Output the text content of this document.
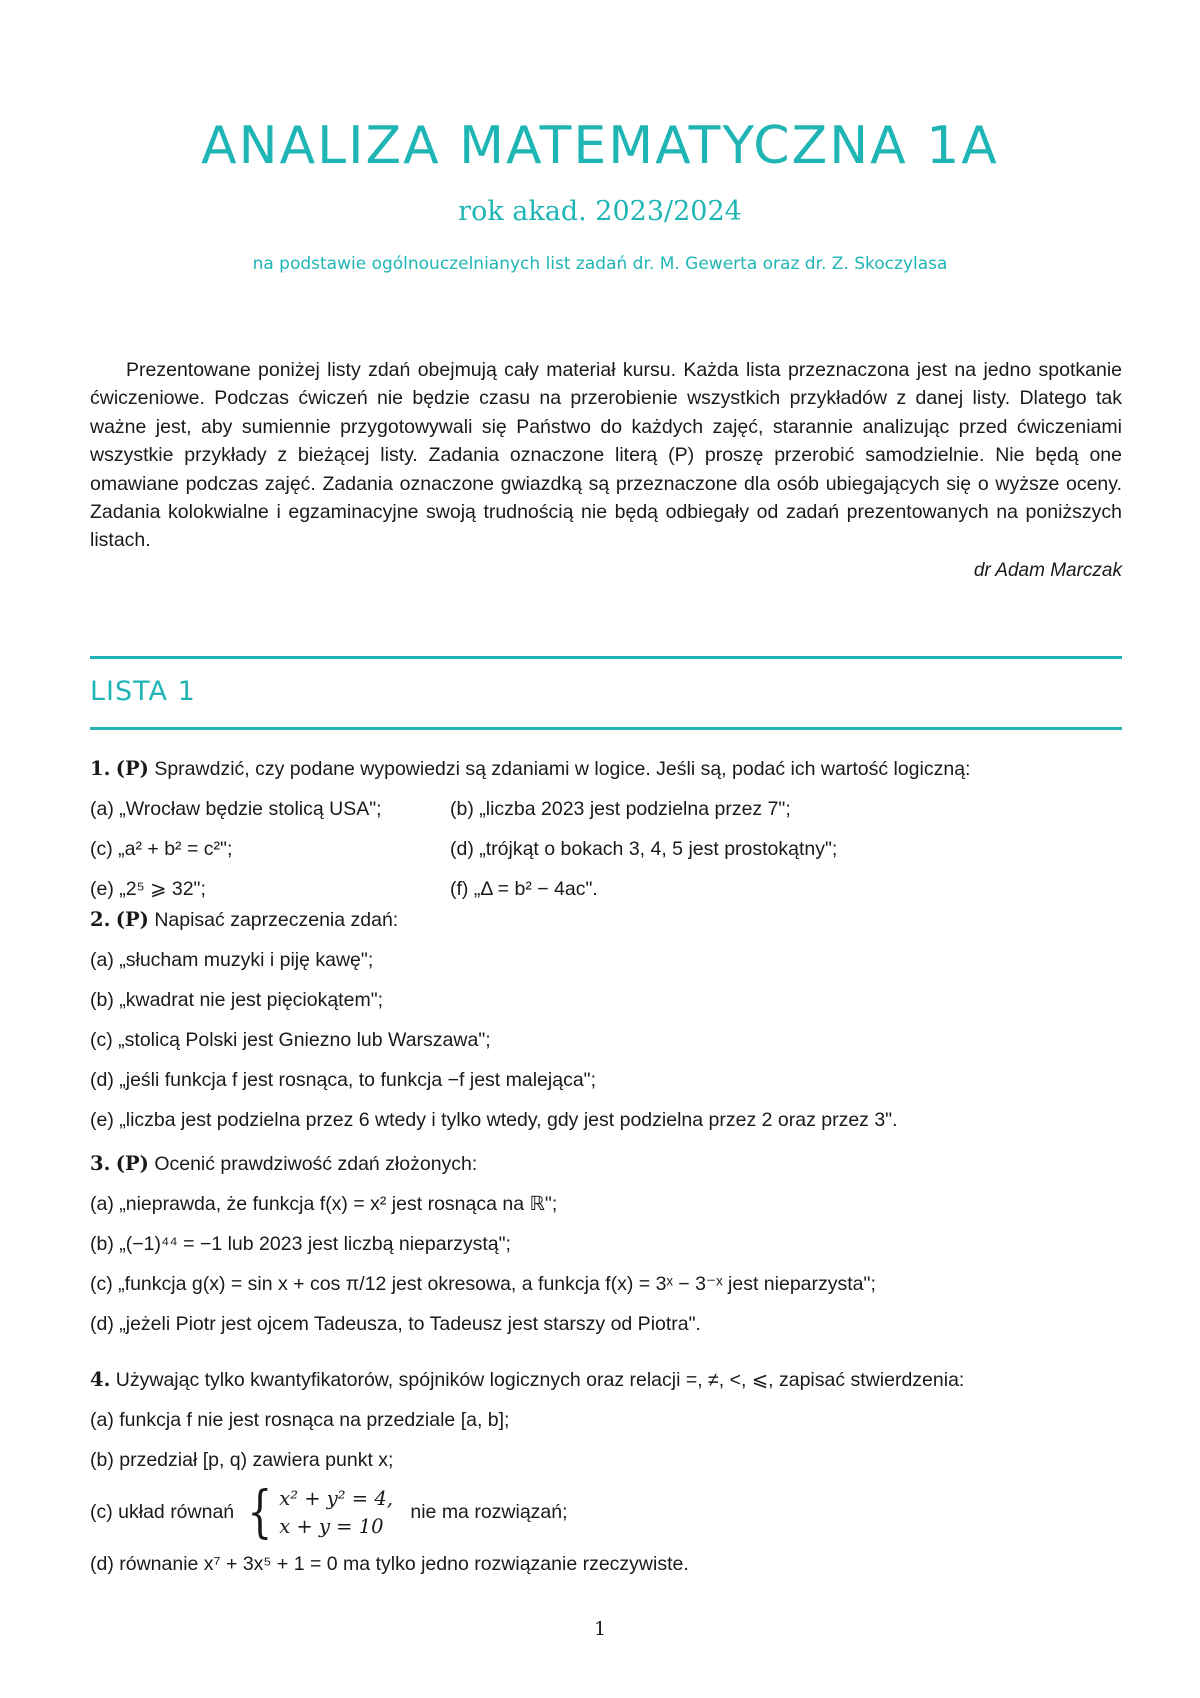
ANALIZA MATEMATYCZNA 1A

rok akad. 2023/2024

na podstawie ogólnouczelnianych list zadań dr. M. Gewerta oraz dr. Z. Skoczylasa

Prezentowane poniżej listy zdań obejmują cały materiał kursu. Każda lista przeznaczona jest na jedno spotkanie ćwiczeniowe. Podczas ćwiczeń nie będzie czasu na przerobienie wszystkich przykładów z danej listy. Dlatego tak ważne jest, aby sumiennie przygotowywali się Państwo do każdych zajęć, starannie analizując przed ćwiczeniami wszystkie przykłady z bieżącej listy. Zadania oznaczone literą (P) proszę przerobić samodzielnie. Nie będą one omawiane podczas zajęć. Zadania oznaczone gwiazdką są przeznaczone dla osób ubiegających się o wyższe oceny. Zadania kolokwialne i egzaminacyjne swoją trudnością nie będą odbiegały od zadań prezentowanych na poniższych listach.

dr Adam Marczak

LISTA 1
1. (P) Sprawdzić, czy podane wypowiedzi są zdaniami w logice. Jeśli są, podać ich wartość logiczną:
(a) „Wrocław będzie stolicą USA";	(b) „liczba 2023 jest podzielna przez 7";
(c) „a² + b² = c²";	(d) „trójkąt o bokach 3, 4, 5 jest prostokątny";
(e) „2⁵ ⩾ 32";	(f) „Δ = b² − 4ac".
2. (P) Napisać zaprzeczenia zdań:
(a) „słucham muzyki i piję kawę";
(b) „kwadrat nie jest pięciokątem";
(c) „stolicą Polski jest Gniezno lub Warszawa";
(d) „jeśli funkcja f jest rosnąca, to funkcja −f jest malejąca";
(e) „liczba jest podzielna przez 6 wtedy i tylko wtedy, gdy jest podzielna przez 2 oraz przez 3".
3. (P) Ocenić prawdziwość zdań złożonych:
(a) „nieprawda, że funkcja f(x) = x² jest rosnąca na ℝ";
(b) „(−1)⁴⁴ = −1 lub 2023 jest liczbą nieparzystą";
(c) „funkcja g(x) = sin x + cos π/12 jest okresowa, a funkcja f(x) = 3ˣ − 3⁻ˣ jest nieparzysta";
(d) „jeżeli Piotr jest ojcem Tadeusza, to Tadeusz jest starszy od Piotra".
4. Używając tylko kwantyfikatorów, spójników logicznych oraz relacji =, ≠, <, ⩽, zapisać stwierdzenia:
(a) funkcja f nie jest rosnąca na przedziale [a, b];
(b) przedział [p, q) zawiera punkt x;
(c) układ równań { x² + y² = 4,
x + y = 10
nie ma rozwiązań;
(d) równanie x⁷ + 3x⁵ + 1 = 0 ma tylko jedno rozwiązanie rzeczywiste.

1
